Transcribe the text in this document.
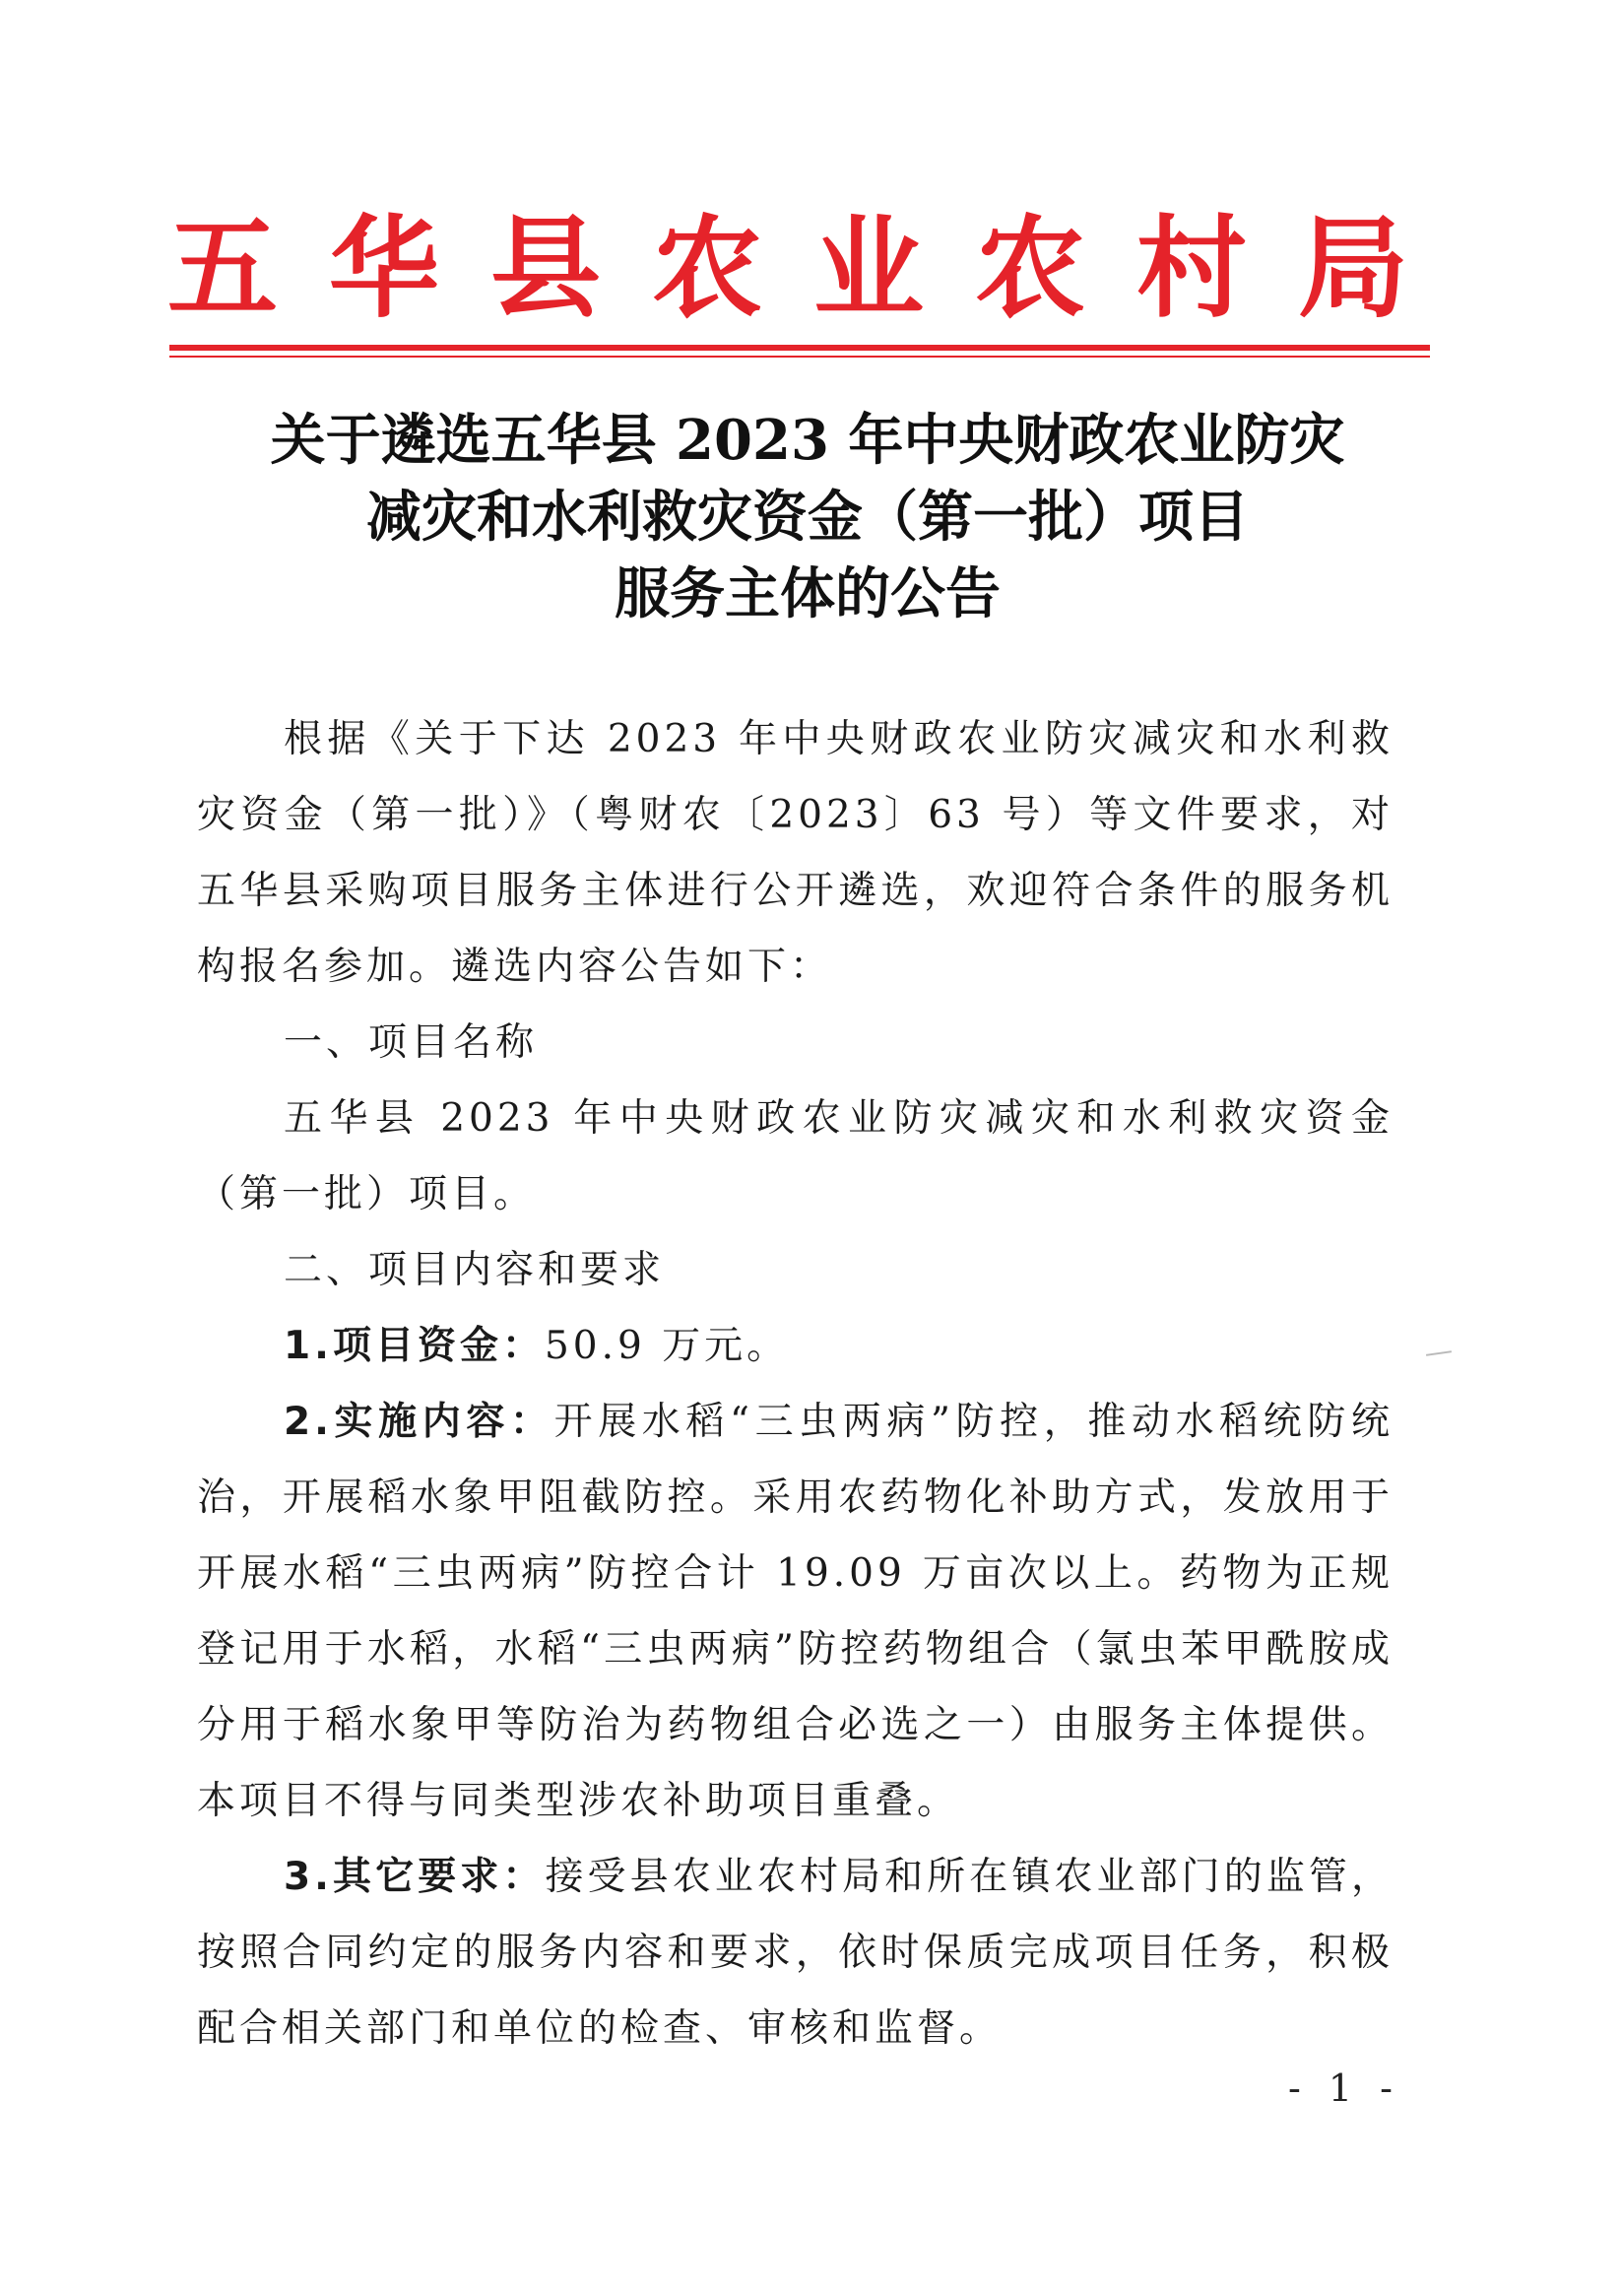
五华县农业农村局
关于遴选五华县 2023 年中央财政农业防灾
减灾和水利救灾资金（第一批）项目
服务主体的公告

根据《关于下达 2023 年中央财政农业防灾减灾和水利救灾资金（第一批）》（粤财农〔2023〕63 号）等文件要求，对五华县采购项目服务主体进行公开遴选，欢迎符合条件的服务机构报名参加。遴选内容公告如下：

一、项目名称

五华县 2023 年中央财政农业防灾减灾和水利救灾资金（第一批）项目。

二、项目内容和要求

1.项目资金：50.9 万元。

2.实施内容：开展水稻“三虫两病”防控，推动水稻统防统治，开展稻水象甲阻截防控。采用农药物化补助方式，发放用于开展水稻“三虫两病”防控合计 19.09 万亩次以上。药物为正规登记用于水稻，水稻“三虫两病”防控药物组合（氯虫苯甲酰胺成分用于稻水象甲等防治为药物组合必选之一）由服务主体提供。本项目不得与同类型涉农补助项目重叠。

3.其它要求：接受县农业农村局和所在镇农业部门的监管，按照合同约定的服务内容和要求，依时保质完成项目任务，积极配合相关部门和单位的检查、审核和监督。

- 1 -
